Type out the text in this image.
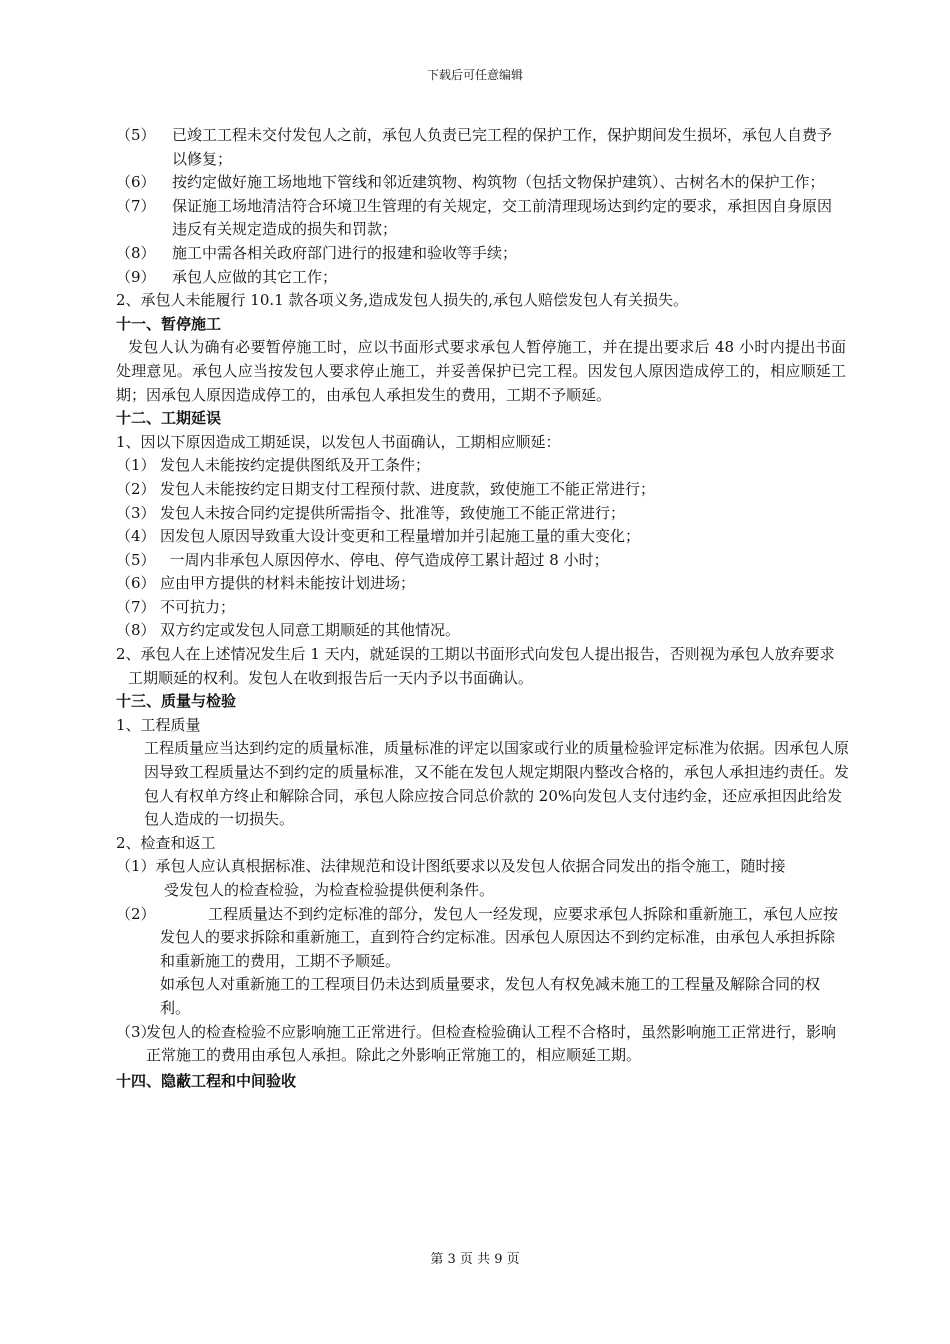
下载后可任意编辑
（5）	已竣工工程未交付发包人之前，承包人负责已完工程的保护工作，保护期间发生损坏，承包人自费予以修复；
（6）	按约定做好施工场地地下管线和邻近建筑物、构筑物（包括文物保护建筑）、古树名木的保护工作；
（7）	保证施工场地清洁符合环境卫生管理的有关规定，交工前清理现场达到约定的要求，承担因自身原因违反有关规定造成的损失和罚款；
（8）	施工中需各相关政府部门进行的报建和验收等手续；
（9）	承包人应做的其它工作；
2、承包人未能履行 10.1 款各项义务,造成发包人损失的,承包人赔偿发包人有关损失。
十一、暂停施工
发包人认为确有必要暂停施工时，应以书面形式要求承包人暂停施工，并在提出要求后 48 小时内提出书面处理意见。承包人应当按发包人要求停止施工，并妥善保护已完工程。因发包人原因造成停工的，相应顺延工期；因承包人原因造成停工的，由承包人承担发生的费用，工期不予顺延。
十二、工期延误
1、因以下原因造成工期延误，以发包人书面确认，工期相应顺延：
（1） 发包人未能按约定提供图纸及开工条件；
（2） 发包人未能按约定日期支付工程预付款、进度款，致使施工不能正常进行；
（3） 发包人未按合同约定提供所需指令、批准等，致使施工不能正常进行；
（4） 因发包人原因导致重大设计变更和工程量增加并引起施工量的重大变化；
（5） 一周内非承包人原因停水、停电、停气造成停工累计超过 8 小时；
（6） 应由甲方提供的材料未能按计划进场；
（7） 不可抗力；
（8） 双方约定或发包人同意工期顺延的其他情况。
2、承包人在上述情况发生后 1 天内，就延误的工期以书面形式向发包人提出报告，否则视为承包人放弃要求工期顺延的权利。发包人在收到报告后一天内予以书面确认。
十三、质量与检验
1、工程质量
工程质量应当达到约定的质量标准，质量标准的评定以国家或行业的质量检验评定标准为依据。因承包人原因导致工程质量达不到约定的质量标准，又不能在发包人规定期限内整改合格的，承包人承担违约责任。发包人有权单方终止和解除合同，承包人除应按合同总价款的 20%向发包人支付违约金，还应承担因此给发包人造成的一切损失。
2、检查和返工
（1）承包人应认真根据标准、法律规范和设计图纸要求以及发包人依据合同发出的指令施工，随时接
受发包人的检查检验，为检查检验提供便利条件。
（2）	工程质量达不到约定标准的部分，发包人一经发现，应要求承包人拆除和重新施工，承包人应按发包人的要求拆除和重新施工，直到符合约定标准。因承包人原因达不到约定标准，由承包人承担拆除和重新施工的费用，工期不予顺延。
如承包人对重新施工的工程项目仍未达到质量要求，发包人有权免减未施工的工程量及解除合同的权利。
（3）
发包人的检查检验不应影响施工正常进行。但检查检验确认工程不合格时，虽然影响施工正常进行，影响正常施工的费用由承包人承担。除此之外影响正常施工的，相应顺延工期。
十四、隐蔽工程和中间验收
第 3 页 共 9 页
